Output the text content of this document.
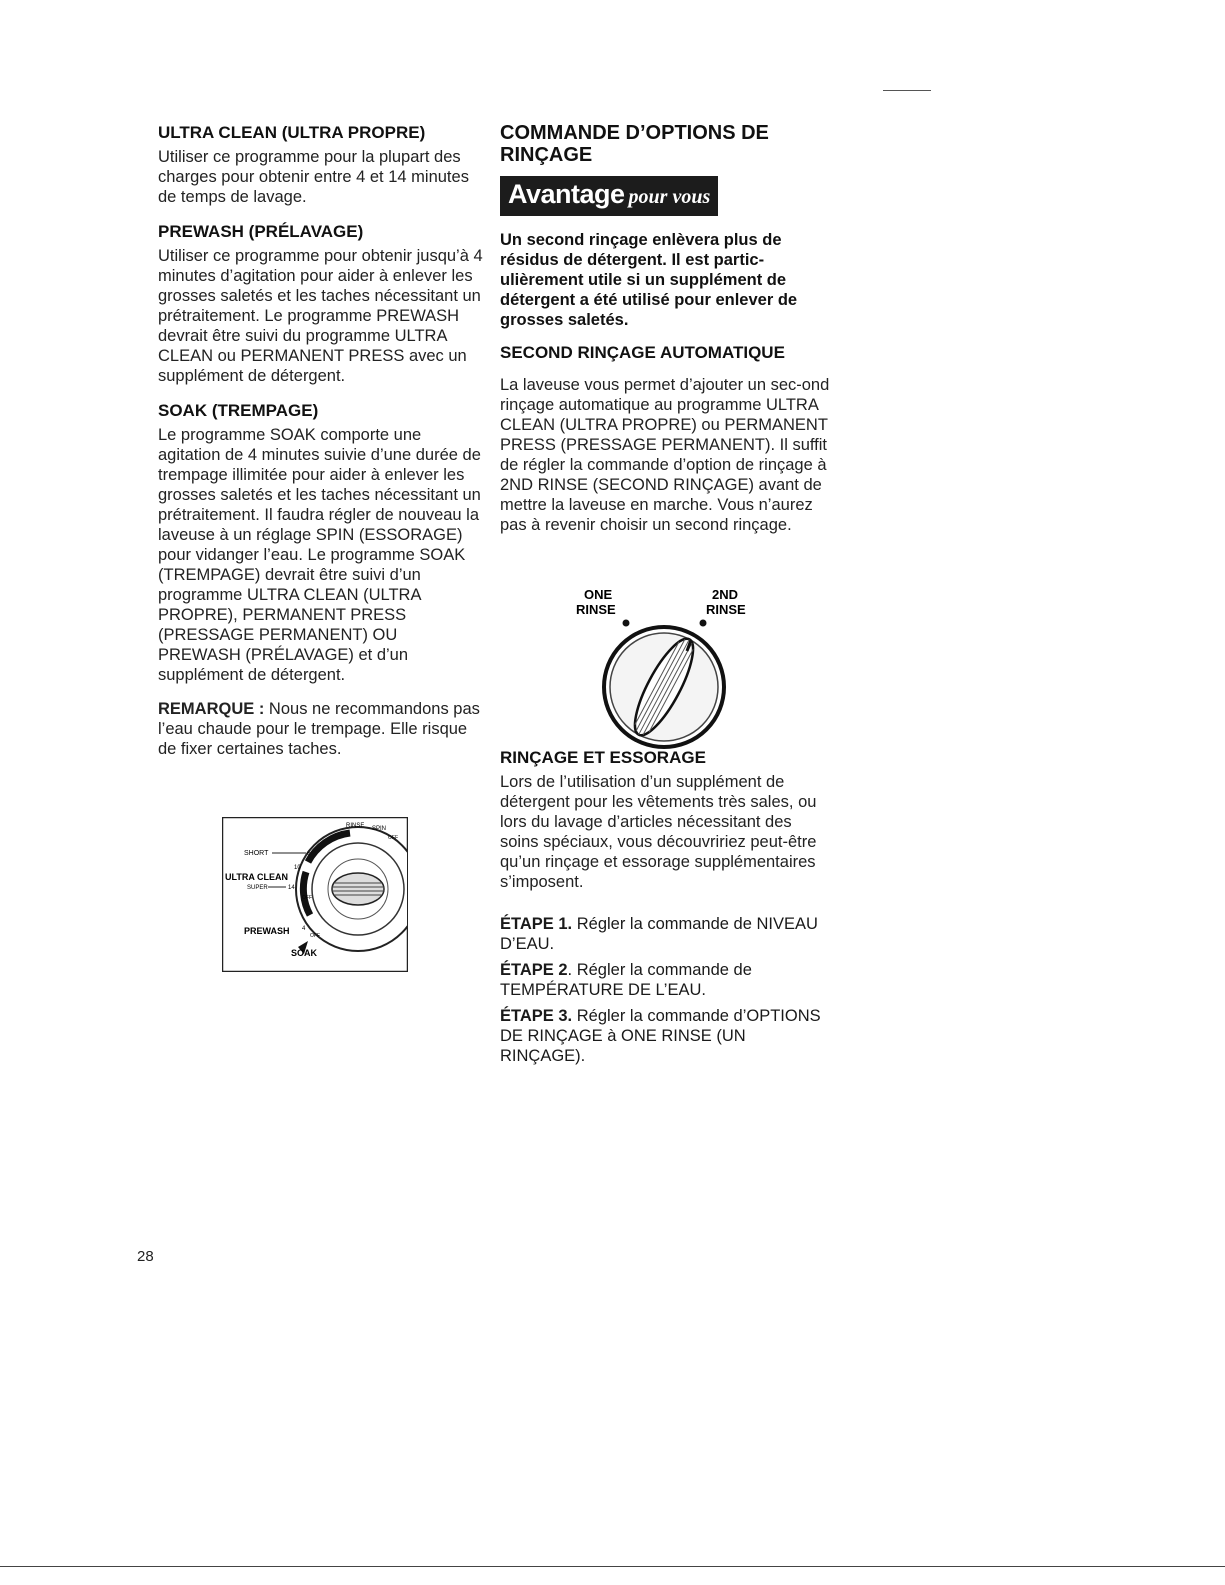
ULTRA CLEAN (ULTRA PROPRE)

Utiliser ce programme pour la plupart des charges pour obtenir entre 4 et 14 minutes de temps de lavage.

PREWASH (PRÉLAVAGE)

Utiliser ce programme pour obtenir jusqu’à 4 minutes d’agitation pour aider à enlever les grosses saletés et les taches nécessitant un prétraitement. Le programme PREWASH devrait être suivi du programme ULTRA CLEAN ou PERMANENT PRESS avec un supplément de détergent.

SOAK (TREMPAGE)

Le programme SOAK comporte une agitation de 4 minutes suivie d’une durée de trempage illimitée pour aider à enlever les grosses saletés et les taches nécessitant un prétraitement. Il faudra régler de nouveau la laveuse à un réglage SPIN (ESSORAGE) pour vidanger l’eau. Le programme SOAK (TREMPAGE) devrait être suivi d’un programme ULTRA CLEAN (ULTRA PROPRE), PERMANENT PRESS (PRESSAGE PERMANENT) OU PREWASH (PRÉLAVAGE) et d’un supplément de détergent.

REMARQUE : Nous ne recommandons pas l’eau chaude pour le trempage. Elle risque de fixer certaines taches.

RINSE SPIN
OFF
SHORT	6
10
ULTRA CLEAN
SUPER	14
OFF
PREWASH 4
OFF
SOAK
COMMANDE D’OPTIONS DE
RINÇAGE
Avantage pour vous

Un second rinçage enlèvera plus de résidus de détergent. Il est partic-ulièrement utile si un supplément de détergent a été utilisé pour enlever de grosses saletés.

SECOND RINÇAGE AUTOMATIQUE

La laveuse vous permet d’ajouter un sec-ond rinçage automatique au programme ULTRA CLEAN (ULTRA PROPRE) ou PERMANENT PRESS (PRESSAGE PERMANENT). Il suffit de régler la commande d’option de rinçage à 2ND RINSE (SECOND RINÇAGE) avant de mettre la laveuse en marche. Vous n’aurez pas à revenir choisir un second rinçage.

RINÇAGE ET ESSORAGE

Lors de l’utilisation d’un supplément de détergent pour les vêtements très sales, ou lors du lavage d’articles nécessitant des soins spéciaux, vous découvririez peut-être qu’un rinçage et essorage supplémentaires s’imposent.

ÉTAPE 1. Régler la commande de NIVEAU D’EAU.

ÉTAPE 2. Régler la commande de TEMPÉRATURE DE L’EAU.

ÉTAPE 3. Régler la commande d’OPTIONS DE RINÇAGE à ONE RINSE (UN RINÇAGE).

ONE
RINSE
2ND
RINSE
28
